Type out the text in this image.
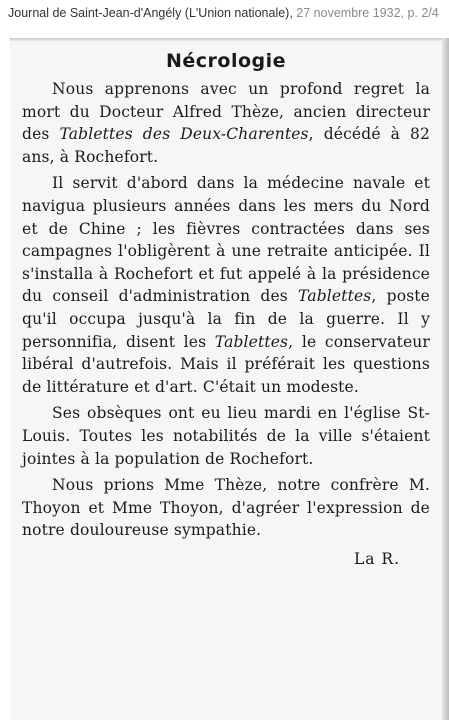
Journal de Saint-Jean-d'Angély (L'Union nationale), 27 novembre 1932, p. 2/4
Nécrologie

Nous apprenons avec un profond regret la mort du Docteur Alfred Thèze, ancien directeur des Tablettes des Deux-Charentes, décédé à 82 ans, à Rochefort.

Il servit d'abord dans la médecine navale et navigua plusieurs années dans les mers du Nord et de Chine ; les fièvres contractées dans ses campagnes l'obligèrent à une retraite anticipée. Il s'installa à Rochefort et fut appelé à la présidence du conseil d'administration des Tablettes, poste qu'il occupa jusqu'à la fin de la guerre. Il y personnifia, disent les Tablettes, le conservateur libéral d'autrefois. Mais il préférait les questions de littérature et d'art. C'était un modeste.

Ses obsèques ont eu lieu mardi en l'église St-Louis. Toutes les notabilités de la ville s'étaient jointes à la population de Rochefort.

Nous prions Mme Thèze, notre confrère M. Thoyon et Mme Thoyon, d'agréer l'expression de notre douloureuse sympathie.

La R.
